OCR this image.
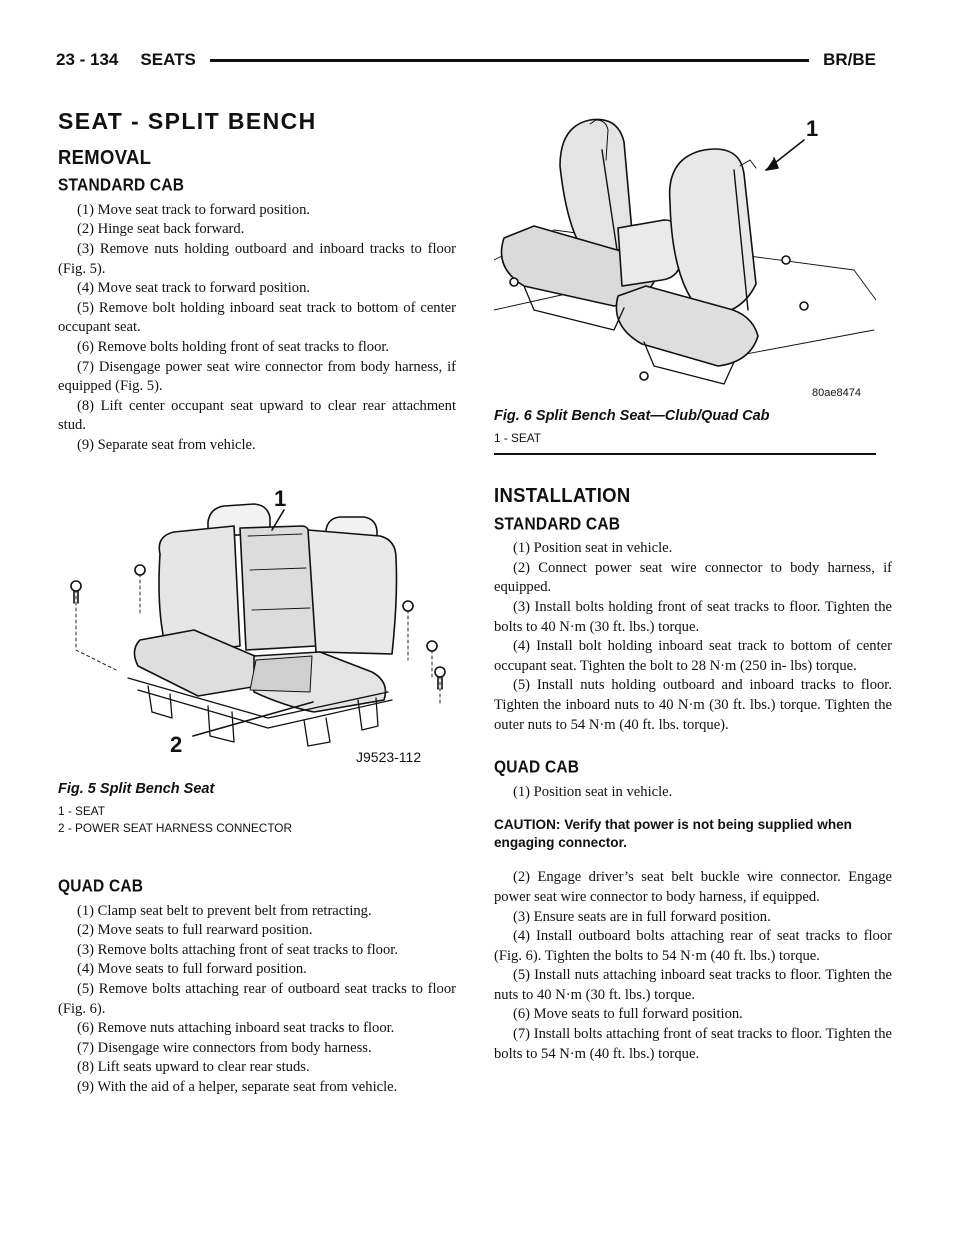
23 - 134 SEATS	BR/BE
SEAT - SPLIT BENCH
REMOVAL
STANDARD CAB

(1) Move seat track to forward position.

(2) Hinge seat back forward.

(3) Remove nuts holding outboard and inboard tracks to floor (Fig. 5).

(4) Move seat track to forward position.

(5) Remove bolt holding inboard seat track to bottom of center occupant seat.

(6) Remove bolts holding front of seat tracks to floor.

(7) Disengage power seat wire connector from body harness, if equipped (Fig. 5).

(8) Lift center occupant seat upward to clear rear attachment stud.

(9) Separate seat from vehicle.

1
2	J9523-112
Fig. 5 Split Bench Seat
1 - SEAT
2 - POWER SEAT HARNESS CONNECTOR
QUAD CAB

(1) Clamp seat belt to prevent belt from retracting.

(2) Move seats to full rearward position.

(3) Remove bolts attaching front of seat tracks to floor.

(4) Move seats to full forward position.

(5) Remove bolts attaching rear of outboard seat tracks to floor (Fig. 6).

(6) Remove nuts attaching inboard seat tracks to floor.

(7) Disengage wire connectors from body harness.

(8) Lift seats upward to clear rear studs.

(9) With the aid of a helper, separate seat from vehicle.

1
80ae8474
Fig. 6 Split Bench Seat—Club/Quad Cab
1 - SEAT
INSTALLATION
STANDARD CAB

(1) Position seat in vehicle.

(2) Connect power seat wire connector to body harness, if equipped.

(3) Install bolts holding front of seat tracks to floor. Tighten the bolts to 40 N·m (30 ft. lbs.) torque.

(4) Install bolt holding inboard seat track to bottom of center occupant seat. Tighten the bolt to 28 N·m (250 in- lbs) torque.

(5) Install nuts holding outboard and inboard tracks to floor. Tighten the inboard nuts to 40 N·m (30 ft. lbs.) torque. Tighten the outer nuts to 54 N·m (40 ft. lbs. torque).

QUAD CAB

(1) Position seat in vehicle.

CAUTION: Verify that power is not being supplied when engaging connector.

(2) Engage driver’s seat belt buckle wire connector. Engage power seat wire connector to body harness, if equipped.

(3) Ensure seats are in full forward position.

(4) Install outboard bolts attaching rear of seat tracks to floor (Fig. 6). Tighten the bolts to 54 N·m (40 ft. lbs.) torque.

(5) Install nuts attaching inboard seat tracks to floor. Tighten the nuts to 40 N·m (30 ft. lbs.) torque.

(6) Move seats to full forward position.

(7) Install bolts attaching front of seat tracks to floor. Tighten the bolts to 54 N·m (40 ft. lbs.) torque.
